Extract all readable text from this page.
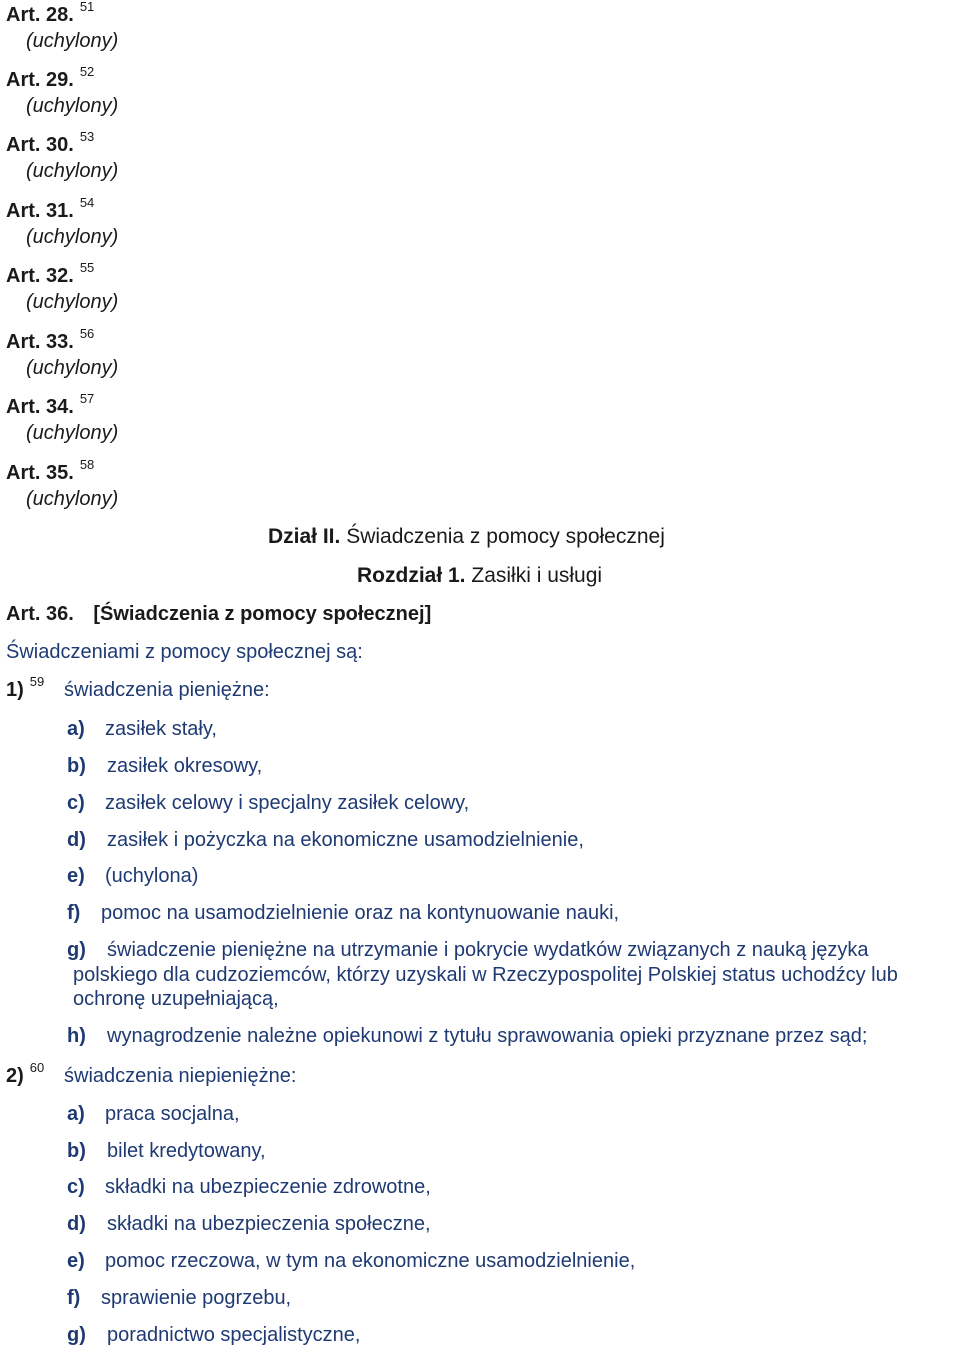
Art. 28. $^{51}$
(uchylony)
Art. 29. $^{52}$
(uchylony)
Art. 30. $^{53}$
(uchylony)
Art. 31. $^{54}$
(uchylony)
Art. 32. $^{55}$
(uchylony)
Art. 33. $^{56}$
(uchylony)
Art. 34. $^{57}$
(uchylony)
Art. 35. $^{58}$
(uchylony)
Dział II. Świadczenia z pomocy społecznej
Rozdział 1. Zasiłki i usługi
Art. 36. [Świadczenia z pomocy społecznej]
Świadczeniami z pomocy społecznej są:
1) $^{59}$ świadczenia pieniężne:
a) zasiłek stały,
b) zasiłek okresowy,
c) zasiłek celowy i specjalny zasiłek celowy,
d) zasiłek i pożyczka na ekonomiczne usamodzielnienie,
e) (uchylona)
f) pomoc na usamodzielnienie oraz na kontynuowanie nauki,
g) świadczenie pieniężne na utrzymanie i pokrycie wydatków związanych z nauką języka
polskiego dla cudzoziemców, którzy uzyskali w Rzeczypospolitej Polskiej status uchodźcy lub
ochronę uzupełniającą,
h) wynagrodzenie należne opiekunowi z tytułu sprawowania opieki przyznane przez sąd;
2) $^{60}$ świadczenia niepieniężne:
a) praca socjalna,
b) bilet kredytowany,
c) składki na ubezpieczenie zdrowotne,
d) składki na ubezpieczenia społeczne,
e) pomoc rzeczowa, w tym na ekonomiczne usamodzielnienie,
f) sprawienie pogrzebu,
g) poradnictwo specjalistyczne,
